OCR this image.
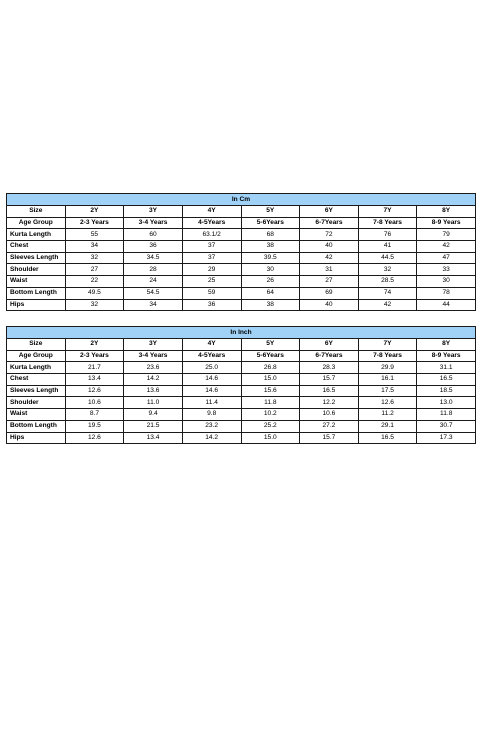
In Cm							
Size	2Y	3Y	4Y	5Y	6Y	7Y	8Y
Age Group	2-3 Years	3-4 Years	4-5Years	5-6Years	6-7Years	7-8 Years	8-9 Years
Kurta Length	55	60	63.1/2	68	72	76	79
Chest	34	36	37	38	40	41	42
Sleeves Length	32	34.5	37	39.5	42	44.5	47
Shoulder	27	28	29	30	31	32	33
Waist	22	24	25	26	27	28.5	30
Bottom Length	49.5	54.5	59	64	69	74	78
Hips	32	34	36	38	40	42	44
In Inch							
Size	2Y	3Y	4Y	5Y	6Y	7Y	8Y
Age Group	2-3 Years	3-4 Years	4-5Years	5-6Years	6-7Years	7-8 Years	8-9 Years
Kurta Length	21.7	23.6	25.0	26.8	28.3	29.9	31.1
Chest	13.4	14.2	14.6	15.0	15.7	16.1	16.5
Sleeves Length	12.6	13.6	14.6	15.6	16.5	17.5	18.5
Shoulder	10.6	11.0	11.4	11.8	12.2	12.6	13.0
Waist	8.7	9.4	9.8	10.2	10.6	11.2	11.8
Bottom Length	19.5	21.5	23.2	25.2	27.2	29.1	30.7
Hips	12.6	13.4	14.2	15.0	15.7	16.5	17.3
